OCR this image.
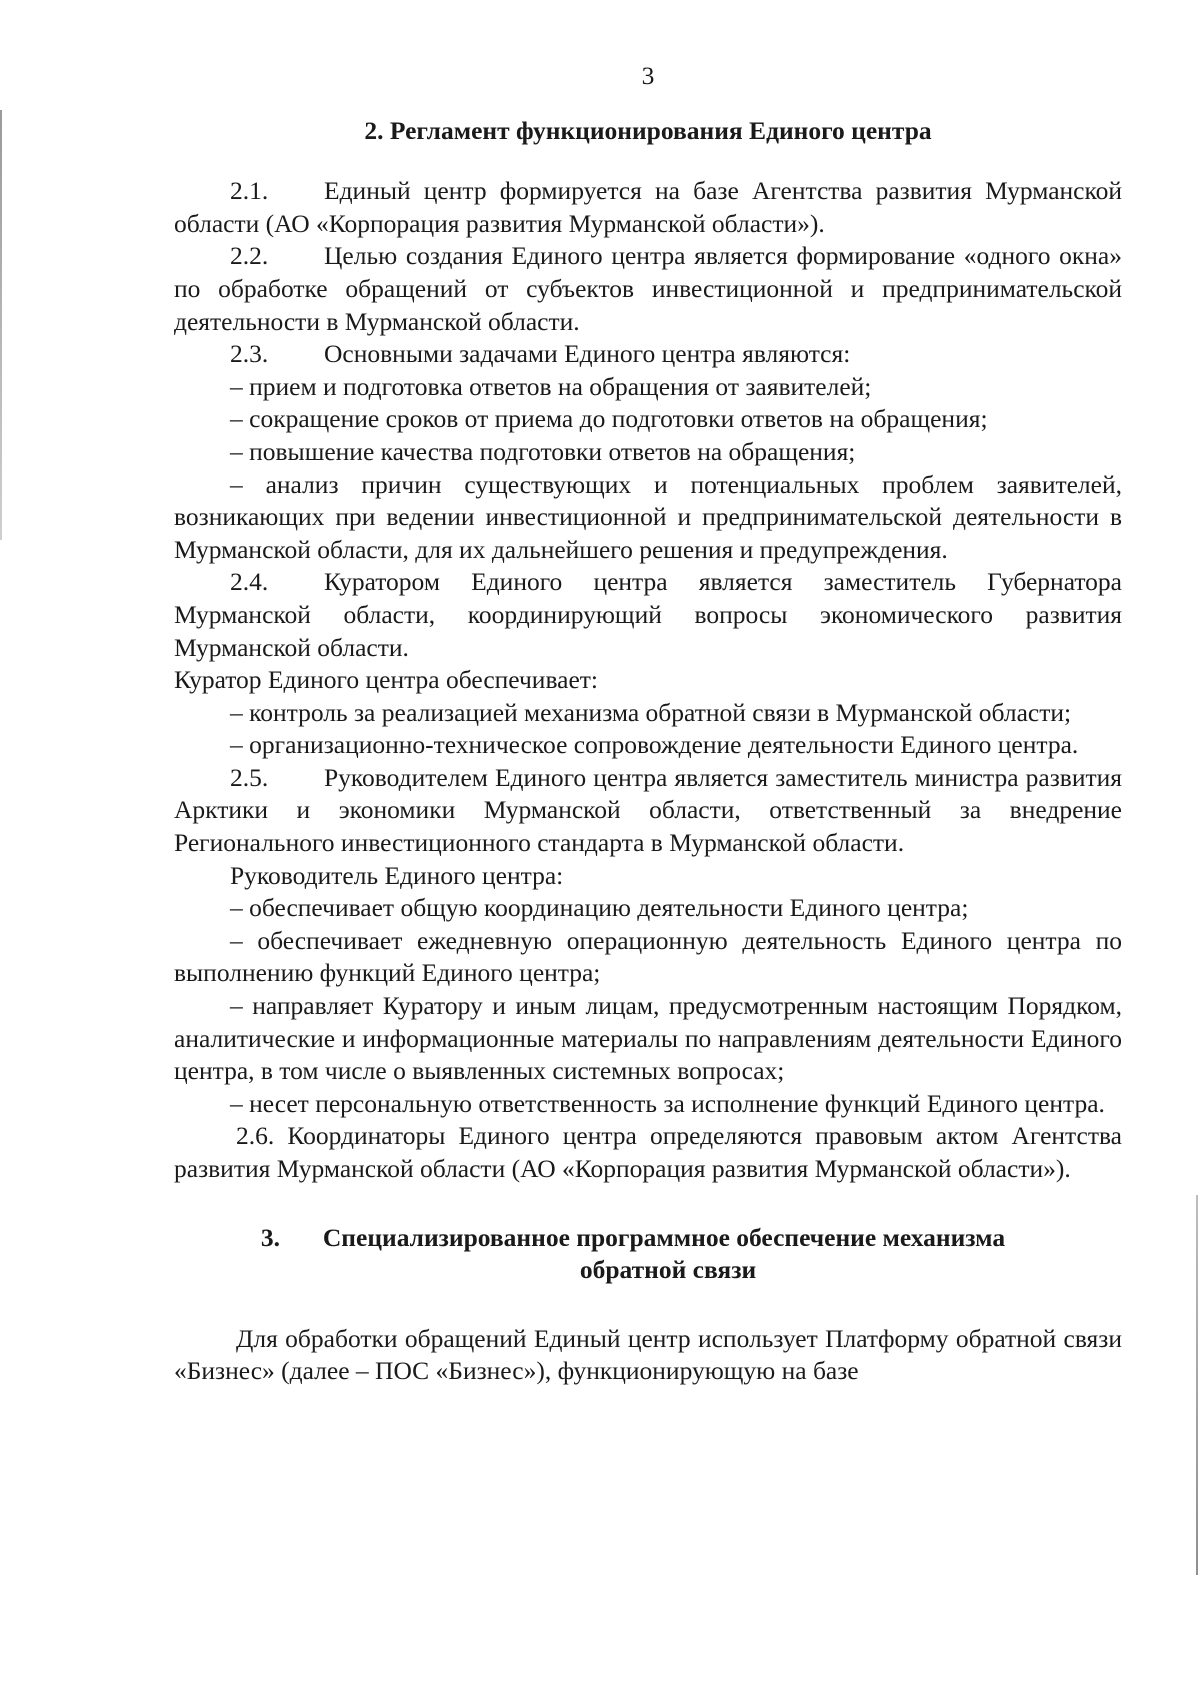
3

2. Регламент функционирования Единого центра

2.1. Единый центр формируется на базе Агентства развития Мурманской области (АО «Корпорация развития Мурманской области»).

2.2. Целью создания Единого центра является формирование «одного окна» по обработке обращений от субъектов инвестиционной и предпринимательской деятельности в Мурманской области.

2.3. Основными задачами Единого центра являются:

– прием и подготовка ответов на обращения от заявителей;

– сокращение сроков от приема до подготовки ответов на обращения;

– повышение качества подготовки ответов на обращения;

– анализ причин существующих и потенциальных проблем заявителей, возникающих при ведении инвестиционной и предпринимательской деятельности в Мурманской области, для их дальнейшего решения и предупреждения.

2.4. Куратором Единого центра является заместитель Губернатора Мурманской области, координирующий вопросы экономического развития Мурманской области.

Куратор Единого центра обеспечивает:

– контроль за реализацией механизма обратной связи в Мурманской области;

– организационно-техническое сопровождение деятельности Единого центра.

2.5. Руководителем Единого центра является заместитель министра развития Арктики и экономики Мурманской области, ответственный за внедрение Регионального инвестиционного стандарта в Мурманской области.

Руководитель Единого центра:

– обеспечивает общую координацию деятельности Единого центра;

– обеспечивает ежедневную операционную деятельность Единого центра по выполнению функций Единого центра;

– направляет Куратору и иным лицам, предусмотренным настоящим Порядком, аналитические и информационные материалы по направлениям деятельности Единого центра, в том числе о выявленных системных вопросах;

– несет персональную ответственность за исполнение функций Единого центра.

2.6. Координаторы Единого центра определяются правовым актом Агентства развития Мурманской области (АО «Корпорация развития Мурманской области»).

3. Специализированное программное обеспечение механизма
обратной связи

Для обработки обращений Единый центр использует Платформу обратной связи «Бизнес» (далее – ПОС «Бизнес»), функционирующую на базе
